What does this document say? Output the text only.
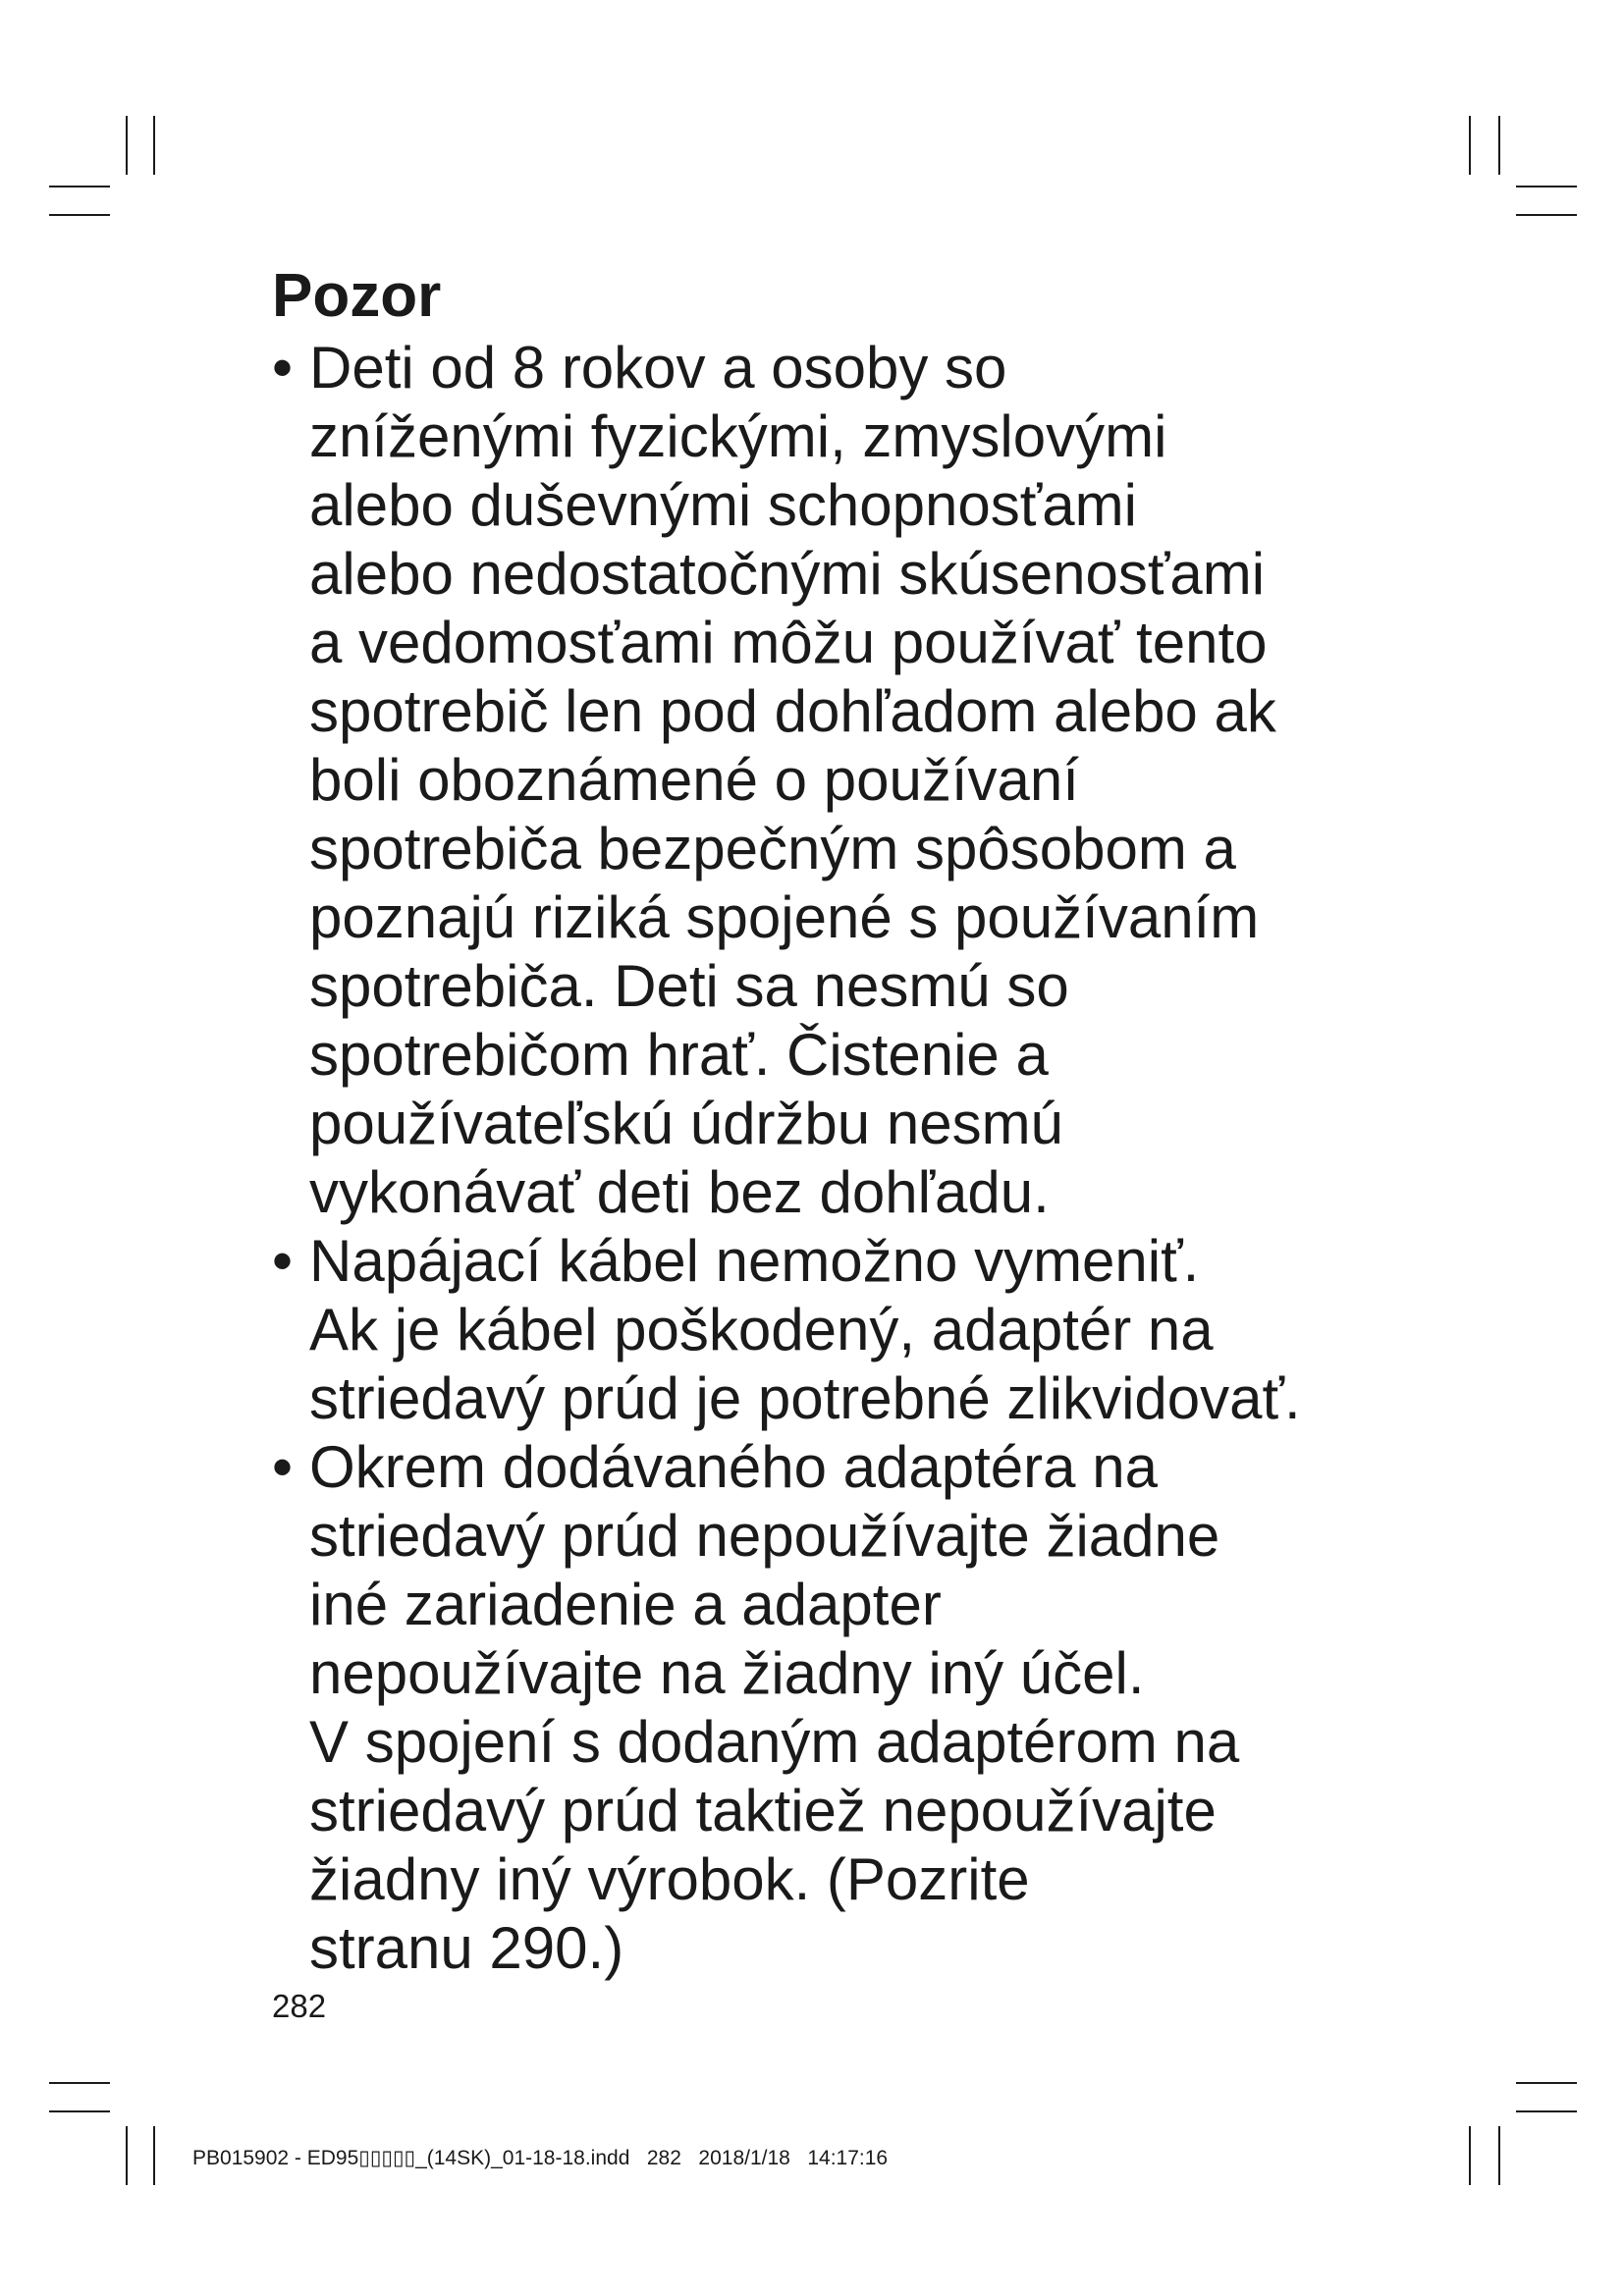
Pozor
• Deti od 8 rokov a osoby so
zníženými fyzickými, zmyslovými
alebo duševnými schopnosťami
alebo nedostatočnými skúsenosťami
a vedomosťami môžu používať tento
spotrebič len pod dohľadom alebo ak
boli oboznámené o používaní
spotrebiča bezpečným spôsobom a
poznajú riziká spojené s používaním
spotrebiča. Deti sa nesmú so
spotrebičom hrať. Čistenie a
používateľskú údržbu nesmú
vykonávať deti bez dohľadu.
• Napájací kábel nemožno vymeniť.
Ak je kábel poškodený, adaptér na
striedavý prúd je potrebné zlikvidovať.
• Okrem dodávaného adaptéra na
striedavý prúd nepoužívajte žiadne
iné zariadenie a adapter
nepoužívajte na žiadny iný účel.
V spojení s dodaným adaptérom na
striedavý prúd taktiež nepoužívajte
žiadny iný výrobok. (Pozrite
stranu 290.)
282
PB015902 - ED95▯▯▯▯▯_(14SK)_01-18-18.indd   282   2018/1/18   14:17:16
